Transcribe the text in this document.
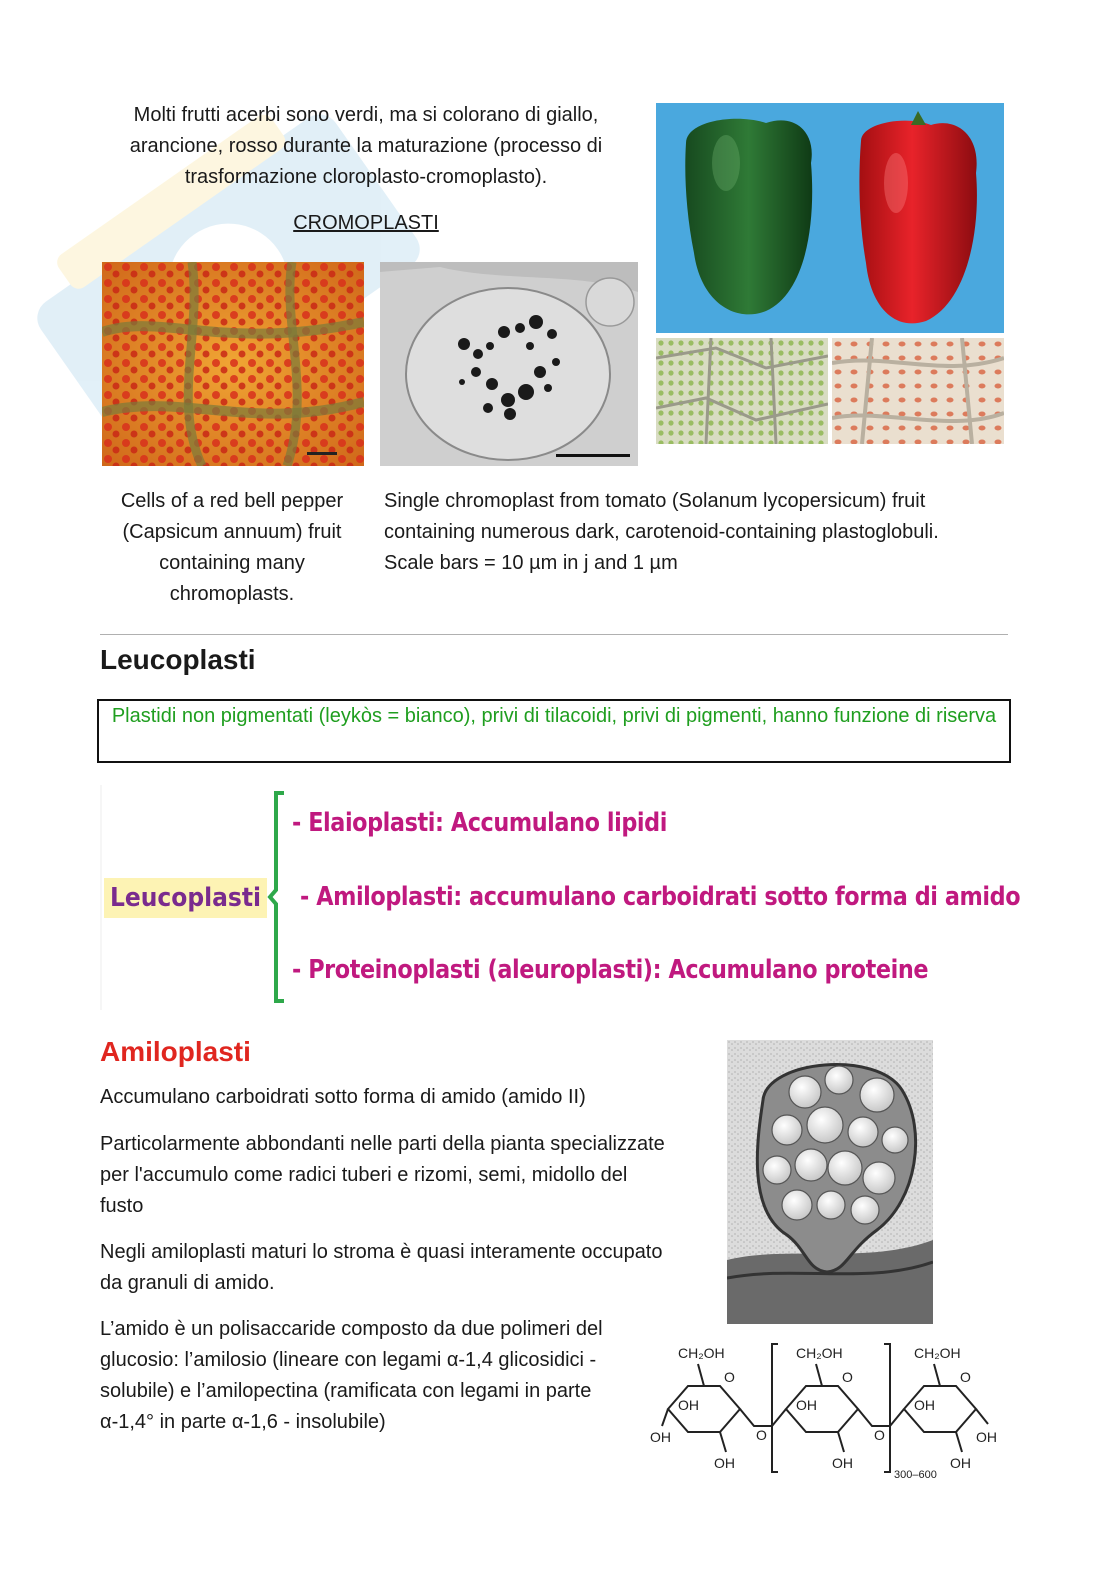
Molti frutti acerbi sono verdi, ma si colorano di giallo, arancione, rosso durante la maturazione (processo di trasformazione cloroplasto-cromoplasto).
CROMOPLASTI
Cells of a red bell pepper (Capsicum annuum) fruit containing many chromoplasts.
Single chromoplast from tomato (Solanum lycopersicum) fruit containing numerous dark, carotenoid-containing plastoglobuli. Scale bars = 10 µm in j and 1 µm
Leucoplasti
Plastidi non pigmentati (leykòs = bianco), privi di tilacoidi, privi di pigmenti, hanno funzione di riserva
Leucoplasti
- Elaioplasti: Accumulano lipidi
- Amiloplasti: accumulano carboidrati sotto forma di amido
- Proteinoplasti (aleuroplasti): Accumulano proteine
Amiloplasti
Accumulano carboidrati sotto forma di amido (amido II)
Particolarmente abbondanti nelle parti della pianta specializzate per l'accumulo come radici tuberi e rizomi, semi, midollo del fusto
Negli amiloplasti maturi lo stroma è quasi interamente occupato da granuli di amido.
L’amido è un polisaccaride composto da due polimeri del glucosio: l’amilosio (lineare con legami α-1,4 glicosidici - solubile) e l’amilopectina (ramificata con legami in parte α-1,4° in parte α-1,6 - insolubile)
CH₂OH	CH₂OH	CH₂OH
O	O	O
O	O
OH	OH	OH
OH
OH	OH	OH
OH
300–600
